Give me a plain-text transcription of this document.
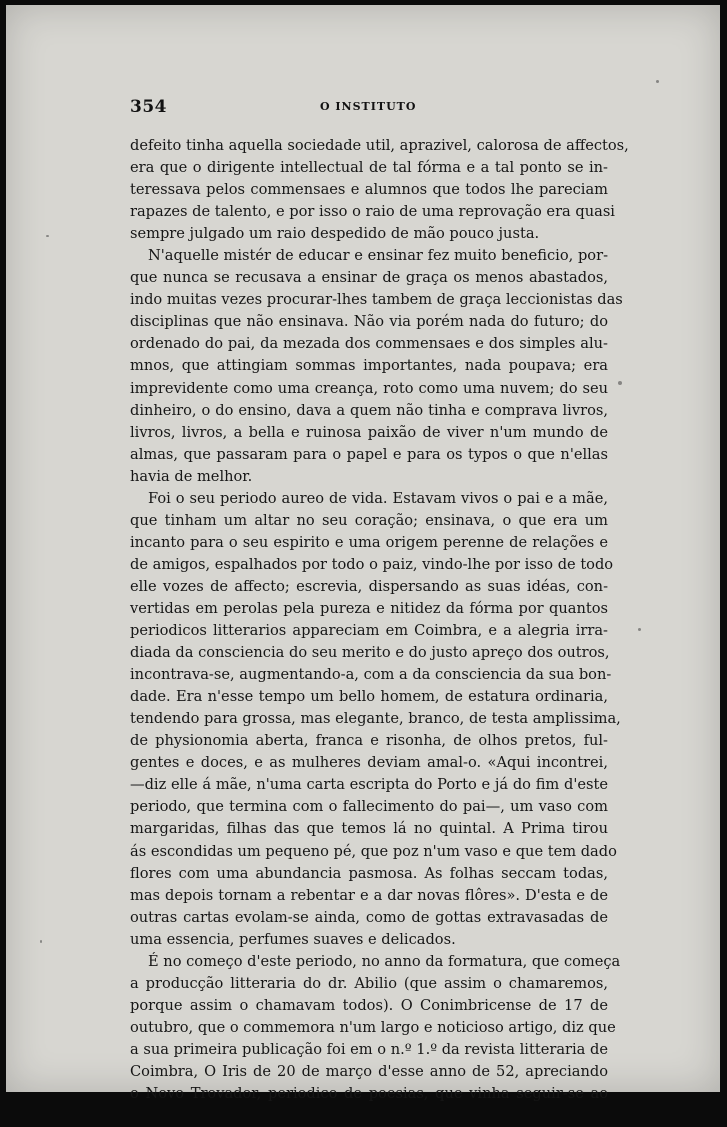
354	O INSTITUTO
defeito tinha aquella sociedade util, aprazivel, calorosa de affectos,
era que o dirigente intellectual de tal fórma e a tal ponto se in-
teressava pelos commensaes e alumnos que todos lhe pareciam
rapazes de talento, e por isso o raio de uma reprovação era quasi
sempre julgado um raio despedido de mão pouco justa.
N'aquelle mistér de educar e ensinar fez muito beneficio, por-
que nunca se recusava a ensinar de graça os menos abastados,
indo muitas vezes procurar-lhes tambem de graça leccionistas das
disciplinas que não ensinava. Não via porém nada do futuro; do
ordenado do pai, da mezada dos commensaes e dos simples alu-
mnos, que attingiam sommas importantes, nada poupava; era
imprevidente como uma creança, roto como uma nuvem; do seu
dinheiro, o do ensino, dava a quem não tinha e comprava livros,
livros, livros, a bella e ruinosa paixão de viver n'um mundo de
almas, que passaram para o papel e para os typos o que n'ellas
havia de melhor.
Foi o seu periodo aureo de vida. Estavam vivos o pai e a mãe,
que tinham um altar no seu coração; ensinava, o que era um
incanto para o seu espirito e uma origem perenne de relações e
de amigos, espalhados por todo o paiz, vindo-lhe por isso de todo
elle vozes de affecto; escrevia, dispersando as suas idéas, con-
vertidas em perolas pela pureza e nitidez da fórma por quantos
periodicos litterarios appareciam em Coimbra, e a alegria irra-
diada da consciencia do seu merito e do justo apreço dos outros,
incontrava-se, augmentando-a, com a da consciencia da sua bon-
dade. Era n'esse tempo um bello homem, de estatura ordinaria,
tendendo para grossa, mas elegante, branco, de testa amplissima,
de physionomia aberta, franca e risonha, de olhos pretos, ful-
gentes e doces, e as mulheres deviam amal-o. «Aqui incontrei,
—diz elle á mãe, n'uma carta escripta do Porto e já do fim d'este
periodo, que termina com o fallecimento do pai—, um vaso com
margaridas, filhas das que temos lá no quintal. A Prima tirou
ás escondidas um pequeno pé, que poz n'um vaso e que tem dado
flores com uma abundancia pasmosa. As folhas seccam todas,
mas depois tornam a rebentar e a dar novas flôres». D'esta e de
outras cartas evolam-se ainda, como de gottas extravasadas de
uma essencia, perfumes suaves e delicados.
É no começo d'este periodo, no anno da formatura, que começa
a producção litteraria do dr. Abilio (que assim o chamaremos,
porque assim o chamavam todos). O Conimbricense de 17 de
outubro, que o commemora n'um largo e noticioso artigo, diz que
a sua primeira publicação foi em o n.º 1.º da revista litteraria de
Coimbra, O Iris de 20 de março d'esse anno de 52, apreciando
o Novo Trovador, periodico de poesias, que vinha seguir-se ao
